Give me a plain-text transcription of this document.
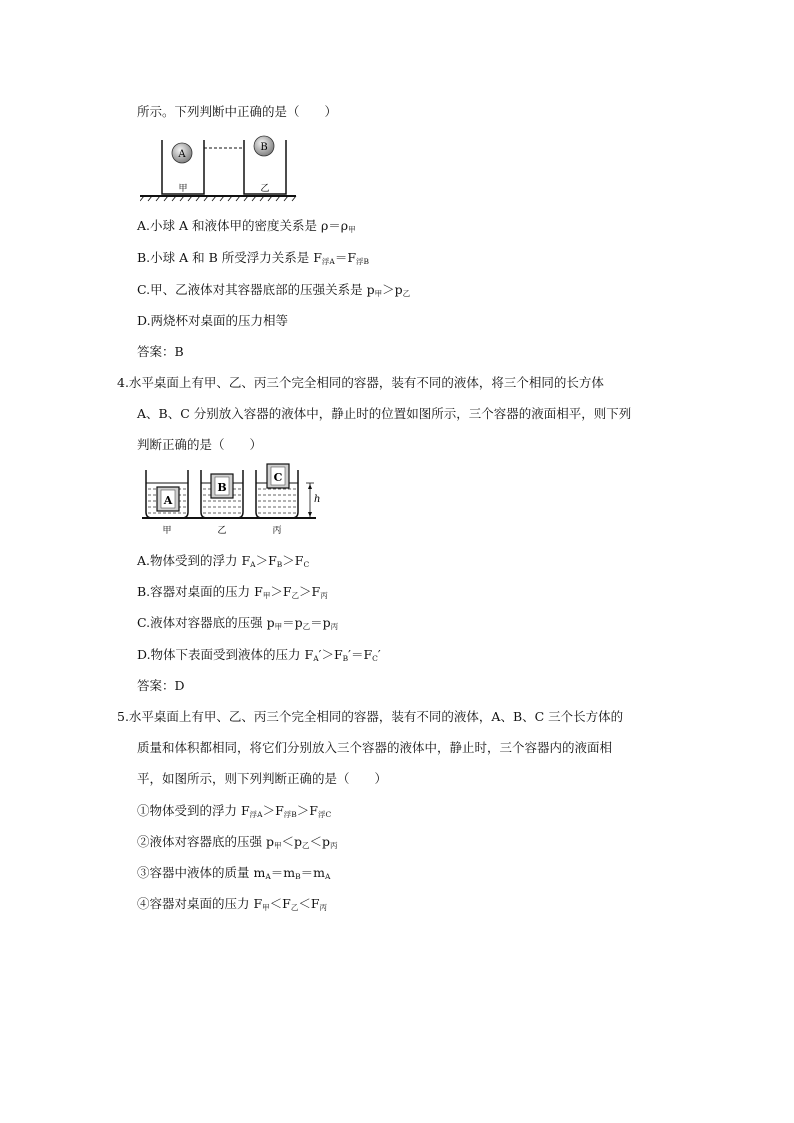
所示。下列判断中正确的是（　　）
A
B
甲	乙
A.小球 A 和液体甲的密度关系是 $\rho=\rho_甲$
B.小球 A 和 B 所受浮力关系是 $F_{浮A}=F_{浮B}$
C.甲、乙液体对其容器底部的压强关系是 $p_甲>p_乙$
D.两烧杯对桌面的压力相等
答案：B
4.水平桌面上有甲、乙、丙三个完全相同的容器，装有不同的液体，将三个相同的长方体
A、B、C 分别放入容器的液体中，静止时的位置如图所示，三个容器的液面相平，则下列
判断正确的是（　　）
A
B
C
h
甲	乙	丙
A.物体受到的浮力 $F_A>F_B>F_C$
B.容器对桌面的压力 $F_甲>F_乙>F_丙$
C.液体对容器底的压强 $p_甲=p_乙=p_丙$
D.物体下表面受到液体的压力 $F_A'>F_B'=F_C'$
答案：D
5.水平桌面上有甲、乙、丙三个完全相同的容器，装有不同的液体，A、B、C 三个长方体的
质量和体积都相同，将它们分别放入三个容器的液体中，静止时，三个容器内的液面相
平，如图所示，则下列判断正确的是（　　）
①物体受到的浮力 $F_{浮A}>F_{浮B}>F_{浮C}$
②液体对容器底的压强 $p_甲<p_乙<p_丙$
③容器中液体的质量 $m_A=m_B=m_A$
④容器对桌面的压力 $F_甲<F_乙<F_丙$
